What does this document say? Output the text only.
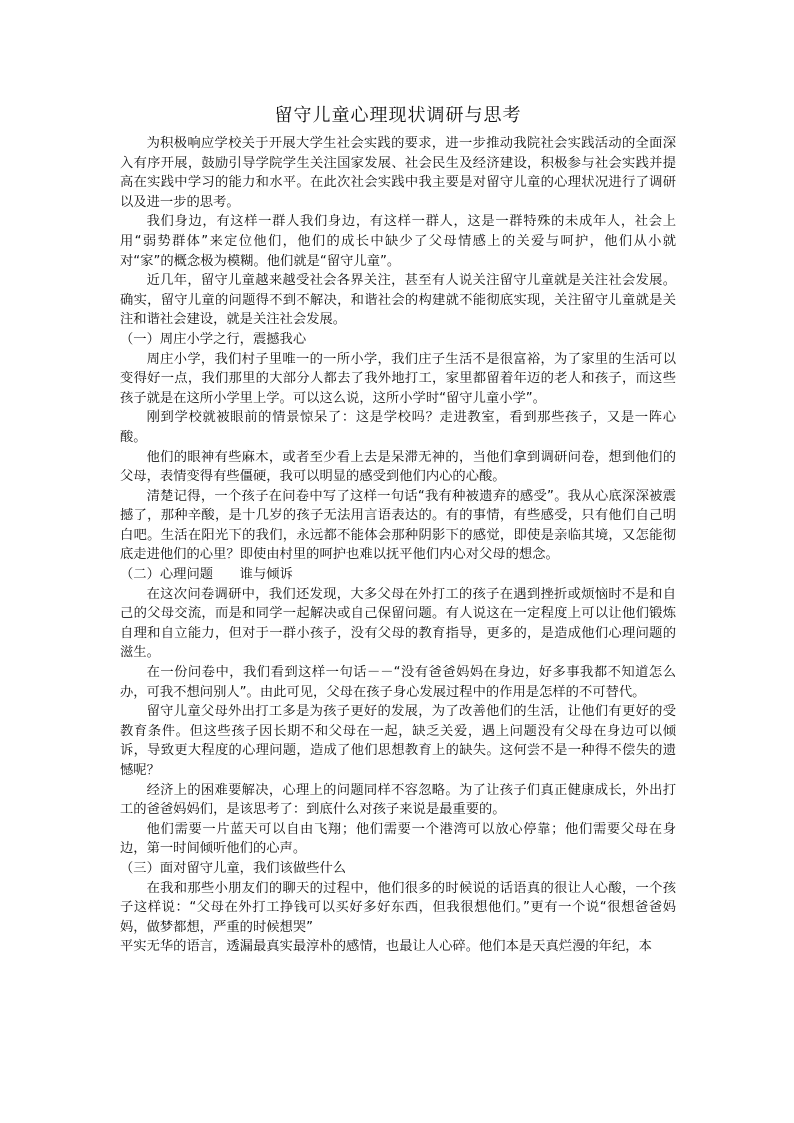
留守儿童心理现状调研与思考

为积极响应学校关于开展大学生社会实践的要求，进一步推动我院社会实践活动的全面深入有序开展，鼓励引导学院学生关注国家发展、社会民生及经济建设，积极参与社会实践并提高在实践中学习的能力和水平。在此次社会实践中我主要是对留守儿童的心理状况进行了调研以及进一步的思考。

我们身边，有这样一群人我们身边，有这样一群人，这是一群特殊的未成年人，社会上用“弱势群体”来定位他们，他们的成长中缺少了父母情感上的关爱与呵护，他们从小就对“家”的概念极为模糊。他们就是“留守儿童”。

近几年，留守儿童越来越受社会各界关注，甚至有人说关注留守儿童就是关注社会发展。确实，留守儿童的问题得不到不解决，和谐社会的构建就不能彻底实现，关注留守儿童就是关注和谐社会建设，就是关注社会发展。

（一）周庄小学之行，震撼我心

周庄小学，我们村子里唯一的一所小学，我们庄子生活不是很富裕，为了家里的生活可以变得好一点，我们那里的大部分人都去了我外地打工，家里都留着年迈的老人和孩子，而这些孩子就是在这所小学里上学。可以这么说，这所小学时“留守儿童小学”。

刚到学校就被眼前的情景惊呆了：这是学校吗？走进教室，看到那些孩子，又是一阵心酸。

他们的眼神有些麻木，或者至少看上去是呆滞无神的，当他们拿到调研问卷，想到他们的父母，表情变得有些僵硬，我可以明显的感受到他们内心的心酸。

清楚记得，一个孩子在问卷中写了这样一句话“我有种被遗弃的感受”。我从心底深深被震撼了，那种辛酸，是十几岁的孩子无法用言语表达的。有的事情，有些感受，只有他们自己明白吧。生活在阳光下的我们，永远都不能体会那种阴影下的感觉，即使是亲临其境，又怎能彻底走进他们的心里？即使由村里的呵护也难以抚平他们内心对父母的想念。

（二）心理问题　　谁与倾诉

在这次问卷调研中，我们还发现，大多父母在外打工的孩子在遇到挫折或烦恼时不是和自己的父母交流，而是和同学一起解决或自己保留问题。有人说这在一定程度上可以让他们锻炼自理和自立能力，但对于一群小孩子，没有父母的教育指导，更多的，是造成他们心理问题的滋生。

在一份问卷中，我们看到这样一句话－－“没有爸爸妈妈在身边，好多事我都不知道怎么办，可我不想问别人”。由此可见，父母在孩子身心发展过程中的作用是怎样的不可替代。

留守儿童父母外出打工多是为孩子更好的发展，为了改善他们的生活，让他们有更好的受教育条件。但这些孩子因长期不和父母在一起，缺乏关爱，遇上问题没有父母在身边可以倾诉，导致更大程度的心理问题，造成了他们思想教育上的缺失。这何尝不是一种得不偿失的遗憾呢？

经济上的困难要解决，心理上的问题同样不容忽略。为了让孩子们真正健康成长，外出打工的爸爸妈妈们，是该思考了：到底什么对孩子来说是最重要的。

他们需要一片蓝天可以自由飞翔；他们需要一个港湾可以放心停靠；他们需要父母在身边，第一时间倾听他们的心声。

（三）面对留守儿童，我们该做些什么

在我和那些小朋友们的聊天的过程中，他们很多的时候说的话语真的很让人心酸，一个孩子这样说：“父母在外打工挣钱可以买好多好东西，但我很想他们。”更有一个说“很想爸爸妈妈，做梦都想，严重的时候想哭”

平实无华的语言，透漏最真实最淳朴的感情，也最让人心碎。他们本是天真烂漫的年纪，本
